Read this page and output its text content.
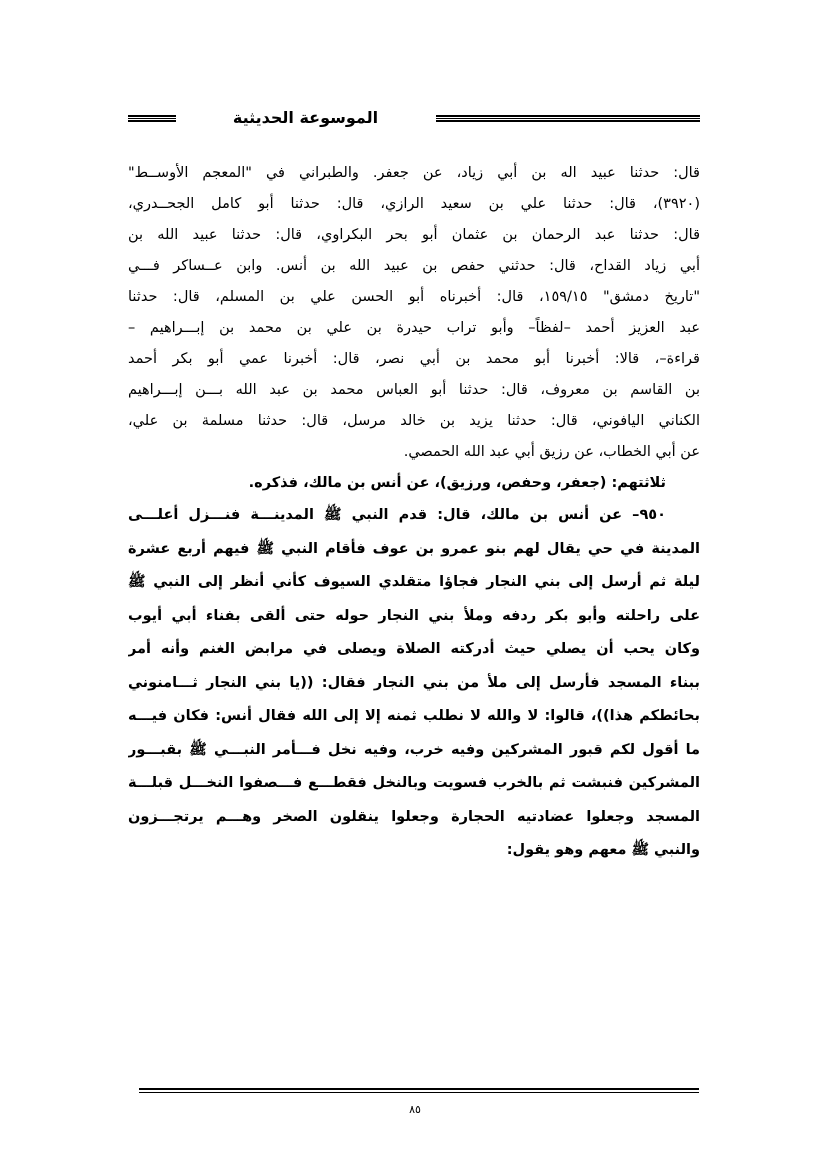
الموسوعة الحديثية

قال: حدثنا عبيد اله بن أبي زياد، عن جعفر. والطبراني في "المعجم الأوســط"
(٣٩٢٠)، قال: حدثنا علي بن سعيد الرازي، قال: حدثنا أبو كامل الجحــدري،
قال: حدثنا عبد الرحمان بن عثمان أبو بحر البكراوي، قال: حدثنا عبيد الله بن
أبي زياد القداح، قال: حدثني حفص بن عبيد الله بن أنس. وابن عــساكر فـــي
"تاريخ دمشق" ١٥٩/١٥، قال: أخبرناه أبو الحسن علي بن المسلم، قال: حدثنا
عبد العزيز أحمد –لفظاً– وأبو تراب حيدرة بن علي بن محمد بن إبـــراهيم –
قراءة–، قالا: أخبرنا أبو محمد بن أبي نصر، قال: أخبرنا عمي أبو بكر أحمد
بن القاسم بن معروف، قال: حدثنا أبو العباس محمد بن عبد الله بـــن إبـــراهيم
الكناني اليافوني، قال: حدثنا يزيد بن خالد مرسل، قال: حدثنا مسلمة بن علي،
عن أبي الخطاب، عن رزيق أبي عبد الله الحمصي.

ثلاثتهم: (جعفر، وحفص، ورزيق)، عن أنس بن مالك، فذكره.

٩٥٠– عن أنس بن مالك، قال: قدم النبي ﷺ المدينـــة فنـــزل أعلـــى
المدينة في حي يقال لهم بنو عمرو بن عوف فأقام النبي ﷺ فيهم أربع عشرة
ليلة ثم أرسل إلى بني النجار فجاؤا متقلدي السيوف كأني أنظر إلى النبي ﷺ
على راحلته وأبو بكر ردفه وملأ بني النجار حوله حتى ألقى بفناء أبي أيوب
وكان يحب أن يصلي حيث أدركته الصلاة ويصلى في مرابض الغنم وأنه أمر
ببناء المسجد فأرسل إلى ملأ من بني النجار فقال: ((يا بني النجار ثـــامنوني
بحائطكم هذا))، قالوا: لا والله لا نطلب ثمنه إلا إلى الله فقال أنس: فكان فيـــه
ما أقول لكم قبور المشركين وفيه خرب، وفيه نخل فـــأمر النبـــي ﷺ بقبـــور
المشركين فنبشت ثم بالخرب فسويت وبالنخل فقطـــع فـــصفوا النخـــل قبلـــة
المسجد وجعلوا عضادتيه الحجارة وجعلوا ينقلون الصخر وهـــم يرتجـــزون
والنبي ﷺ معهم وهو يقول:

٨٥
